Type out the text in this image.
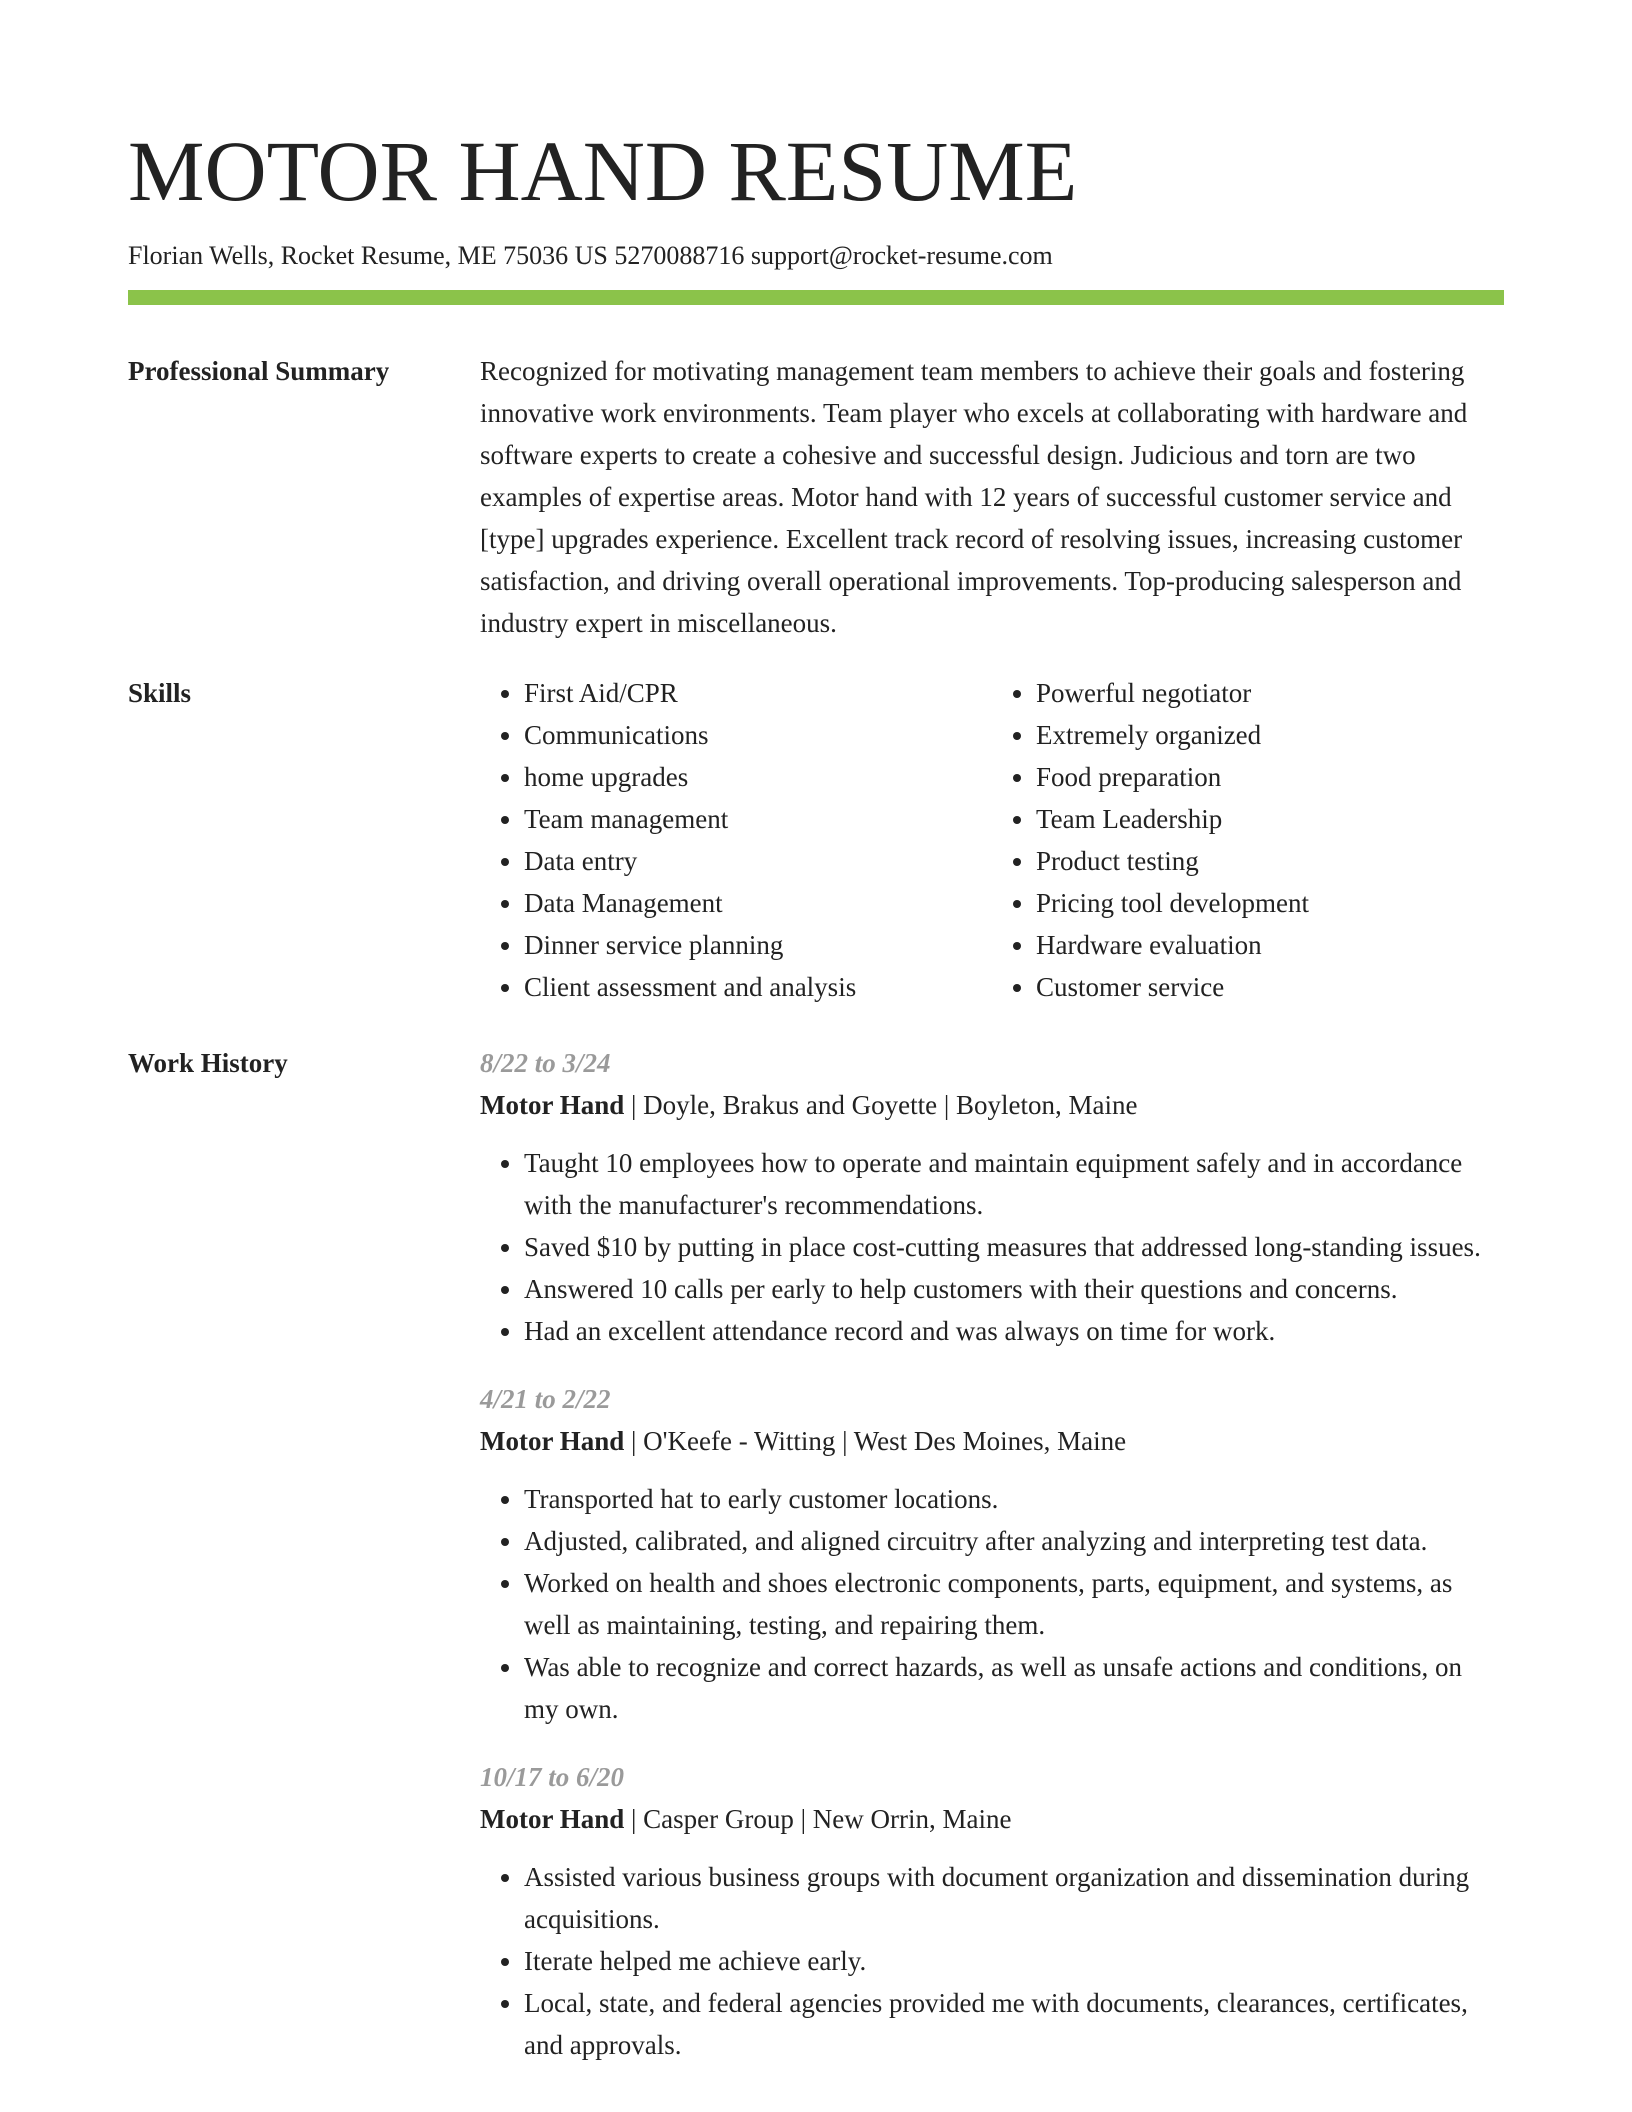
MOTOR HAND RESUME
Florian Wells, Rocket Resume, ME 75036 US 5270088716 support@rocket-resume.com
Professional Summary	Recognized for motivating management team members to achieve their goals and fostering innovative work environments. Team player who excels at collaborating with hardware and software experts to create a cohesive and successful design. Judicious and torn are two examples of expertise areas. Motor hand with 12 years of successful customer service and [type] upgrades experience. Excellent track record of resolving issues, increasing customer satisfaction, and driving overall operational improvements. Top-producing salesperson and industry expert in miscellaneous.

Skills
•	First Aid/CPR
• Communications
• home upgrades
• Team management
• Data entry
• Data Management
• Dinner service planning
• Client assessment and analysis
• Powerful negotiator
• Extremely organized
• Food preparation
• Team Leadership
• Product testing
• Pricing tool development
• Hardware evaluation
• Customer service
Work History	8/22 to 3/24
Motor Hand | Doyle, Brakus and Goyette | Boyleton, Maine
• Taught 10 employees how to operate and maintain equipment safely and in accordance with the manufacturer's recommendations.
• Saved $10 by putting in place cost-cutting measures that addressed long-standing issues.
• Answered 10 calls per early to help customers with their questions and concerns.
• Had an excellent attendance record and was always on time for work.
4/21 to 2/22
Motor Hand | O'Keefe - Witting | West Des Moines, Maine
• Transported hat to early customer locations.
• Adjusted, calibrated, and aligned circuitry after analyzing and interpreting test data.
• Worked on health and shoes electronic components, parts, equipment, and systems, as well as maintaining, testing, and repairing them.
• Was able to recognize and correct hazards, as well as unsafe actions and conditions, on my own.
10/17 to 6/20
Motor Hand | Casper Group | New Orrin, Maine
• Assisted various business groups with document organization and dissemination during acquisitions.
• Iterate helped me achieve early.
• Local, state, and federal agencies provided me with documents, clearances, certificates, and approvals.
